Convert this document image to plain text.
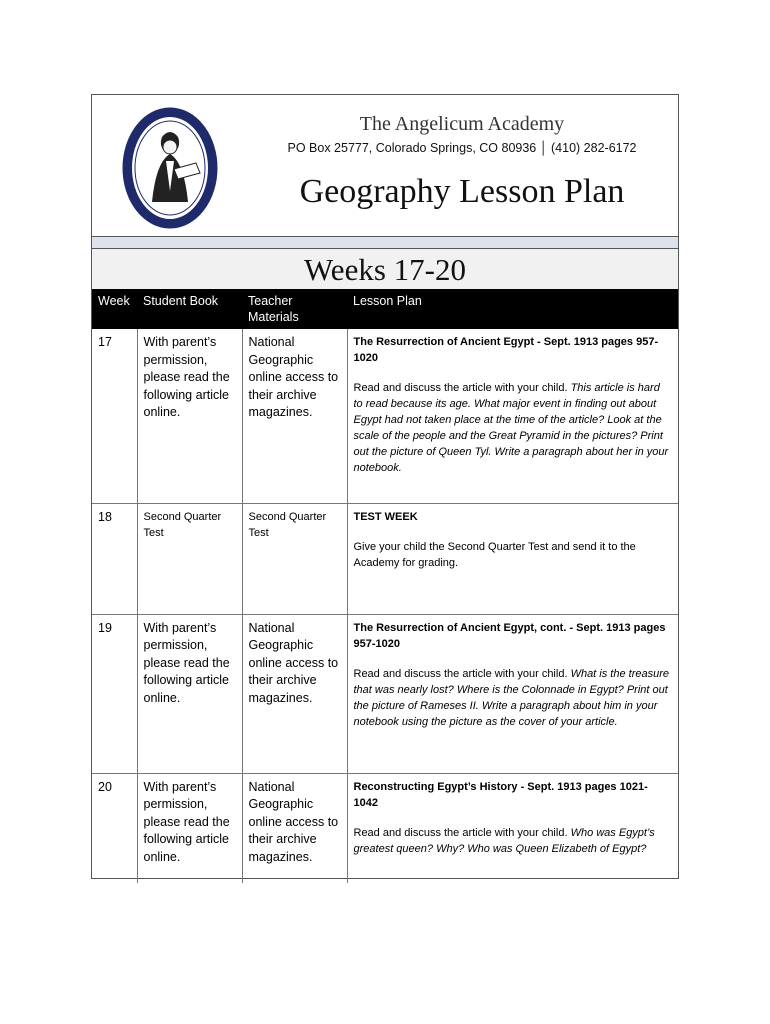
The Angelicum Academy
PO Box 25777, Colorado Springs, CO 80936 │ (410) 282-6172
Geography Lesson Plan
Weeks 17-20
Week	Student Book	Teacher Materials	Lesson Plan
17	With parent’s permission, please read the following article online.	National Geographic online access to their archive magazines.	The Resurrection of Ancient Egypt - Sept. 1913 pages 957-1020
Read and discuss the article with your child. This article is hard to read because its age. What major event in finding out about Egypt had not taken place at the time of the article? Look at the scale of the people and the Great Pyramid in the pictures? Print out the picture of Queen Tyl. Write a paragraph about her in your notebook.

18	Second Quarter Test	Second Quarter Test	TEST WEEK
Give your child the Second Quarter Test and send it to the Academy for grading.

19	With parent’s permission, please read the following article online.	National Geographic online access to their archive magazines.	The Resurrection of Ancient Egypt, cont. - Sept. 1913 pages 957-1020
Read and discuss the article with your child. What is the treasure that was nearly lost? Where is the Colonnade in Egypt? Print out the picture of Rameses II. Write a paragraph about him in your notebook using the picture as the cover of your article.

20	With parent’s permission, please read the following article online.	National Geographic online access to their archive magazines.	Reconstructing Egypt’s History - Sept. 1913 pages 1021-1042
Read and discuss the article with your child. Who was Egypt’s greatest queen? Why? Who was Queen Elizabeth of Egypt?
